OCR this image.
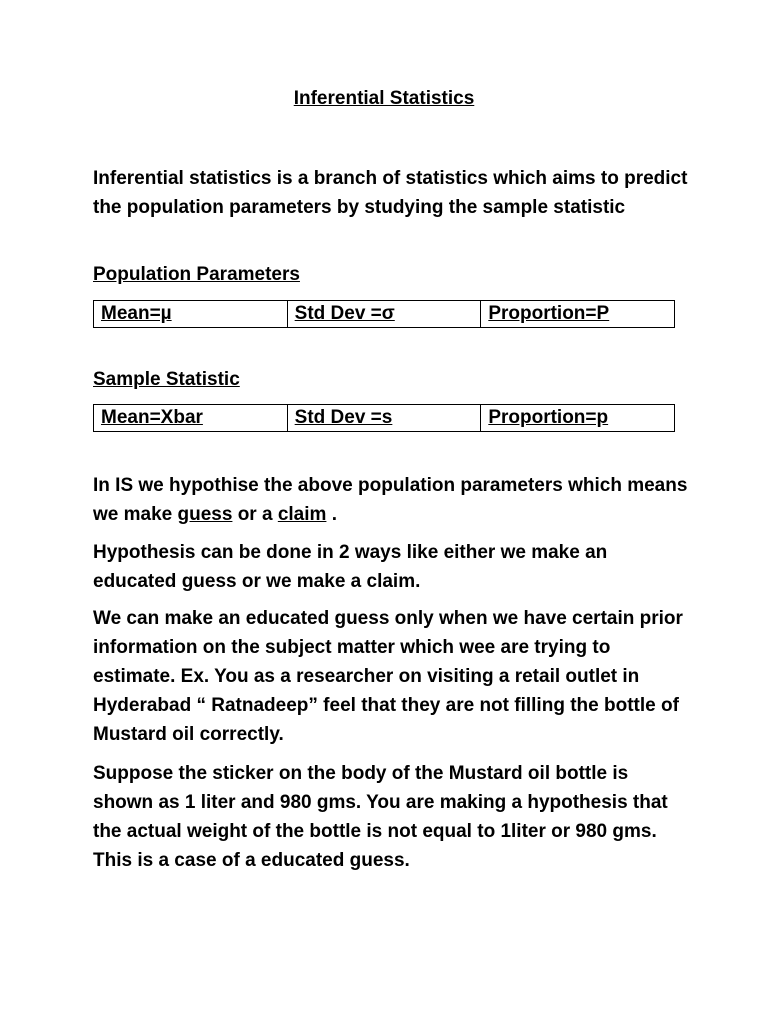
Inferential Statistics
Inferential statistics is a branch of statistics which aims to predict the population parameters by studying the sample statistic
Population Parameters
Mean=µ	Std Dev =σ	Proportion=P
Sample Statistic
Mean=Xbar	Std Dev =s	Proportion=p
In IS we hypothise the above population parameters which means we make guess or a claim .
Hypothesis can be done in 2 ways like either we make an educated guess or we make a claim.
We can make an educated guess only when we have certain prior information on the subject matter which wee are trying to estimate. Ex. You as a researcher on visiting a retail outlet in Hyderabad “ Ratnadeep” feel that they are not filling the bottle of Mustard oil correctly.
Suppose the sticker on the body of the Mustard oil bottle is shown as 1 liter and 980 gms. You are making a hypothesis that the actual weight of the bottle is not equal to 1liter or 980 gms. This is a case of a educated guess.
